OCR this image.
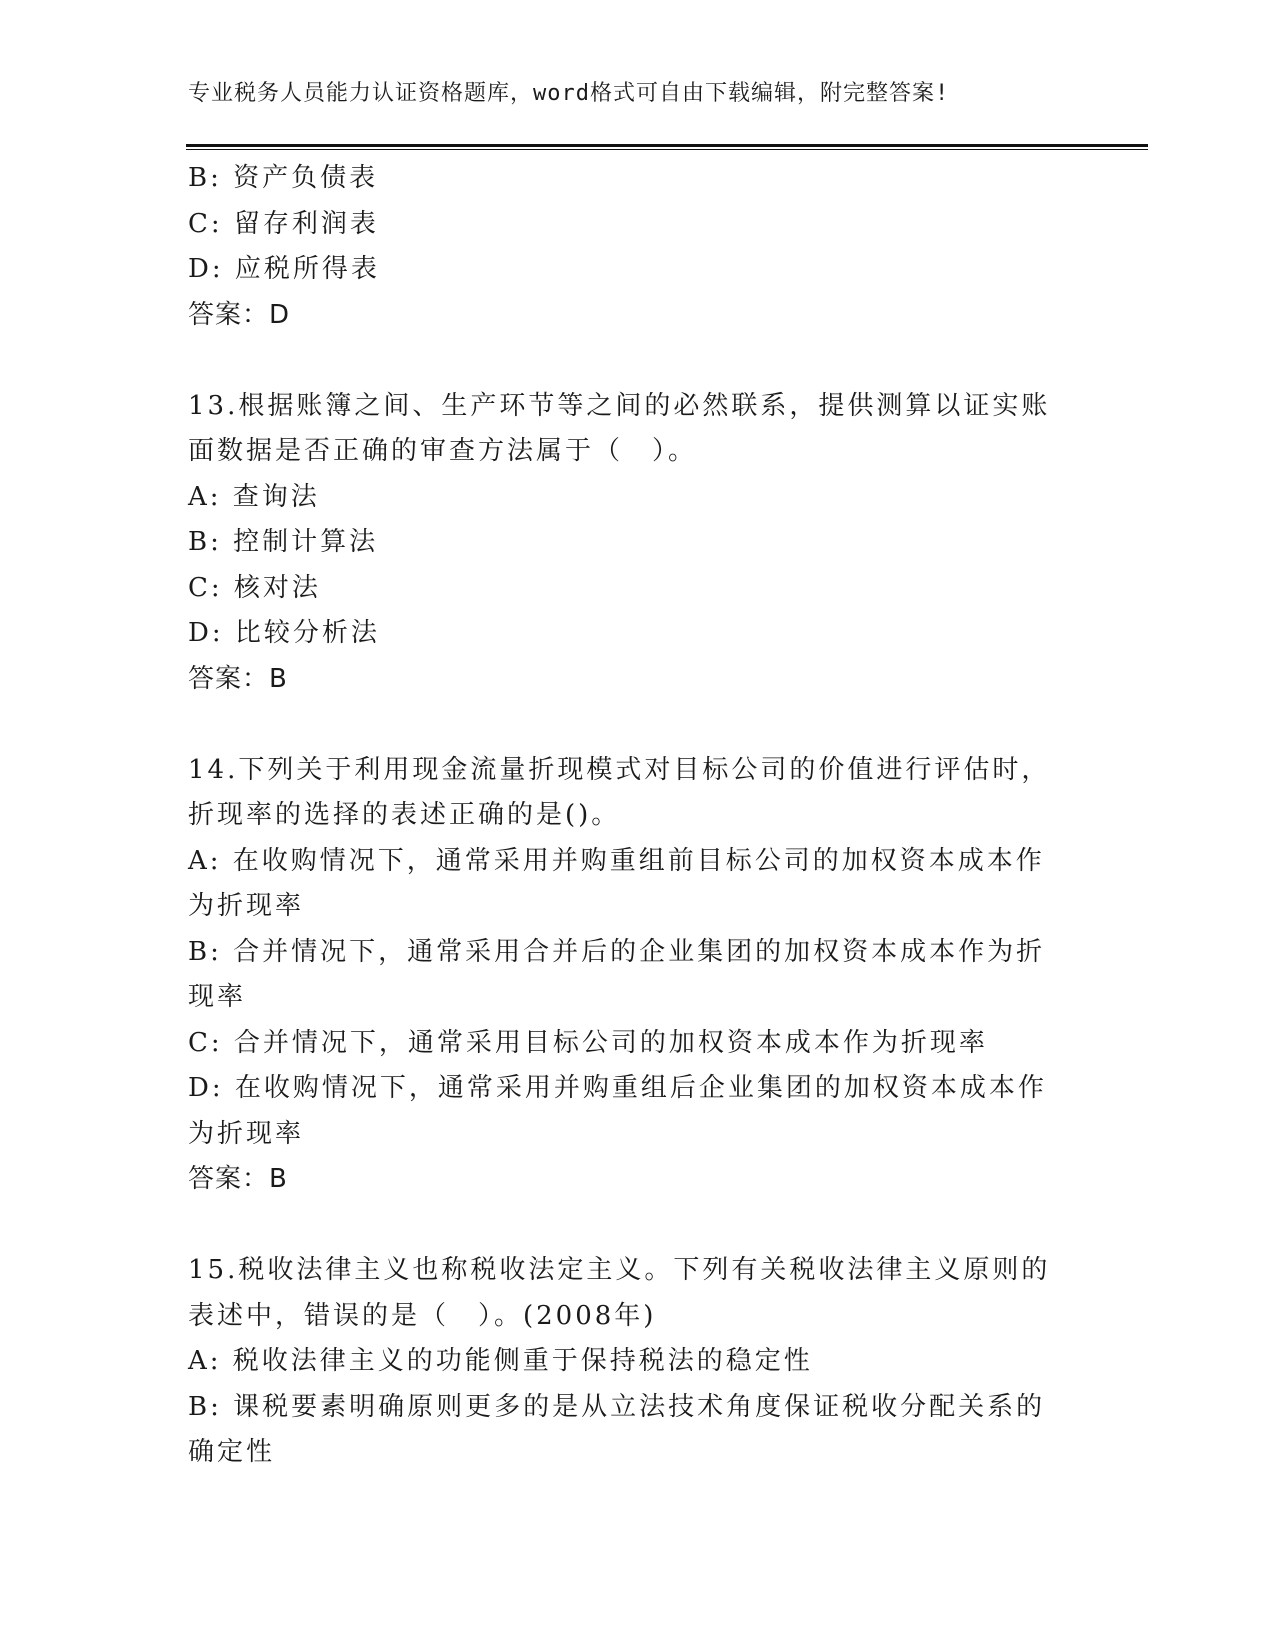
专业税务人员能力认证资格题库，word格式可自由下载编辑，附完整答案!
B: 资产负债表
C: 留存利润表
D: 应税所得表
答案：D
13.根据账簿之间、生产环节等之间的必然联系，提供测算以证实账面数据是否正确的审查方法属于（　）。
A: 查询法
B: 控制计算法
C: 核对法
D: 比较分析法
答案：B
14.下列关于利用现金流量折现模式对目标公司的价值进行评估时，折现率的选择的表述正确的是()。
A: 在收购情况下，通常采用并购重组前目标公司的加权资本成本作为折现率
B: 合并情况下，通常采用合并后的企业集团的加权资本成本作为折现率
C: 合并情况下，通常采用目标公司的加权资本成本作为折现率
D: 在收购情况下，通常采用并购重组后企业集团的加权资本成本作为折现率
答案：B
15.税收法律主义也称税收法定主义。下列有关税收法律主义原则的表述中，错误的是（　）。(2008年)
A: 税收法律主义的功能侧重于保持税法的稳定性
B: 课税要素明确原则更多的是从立法技术角度保证税收分配关系的确定性
